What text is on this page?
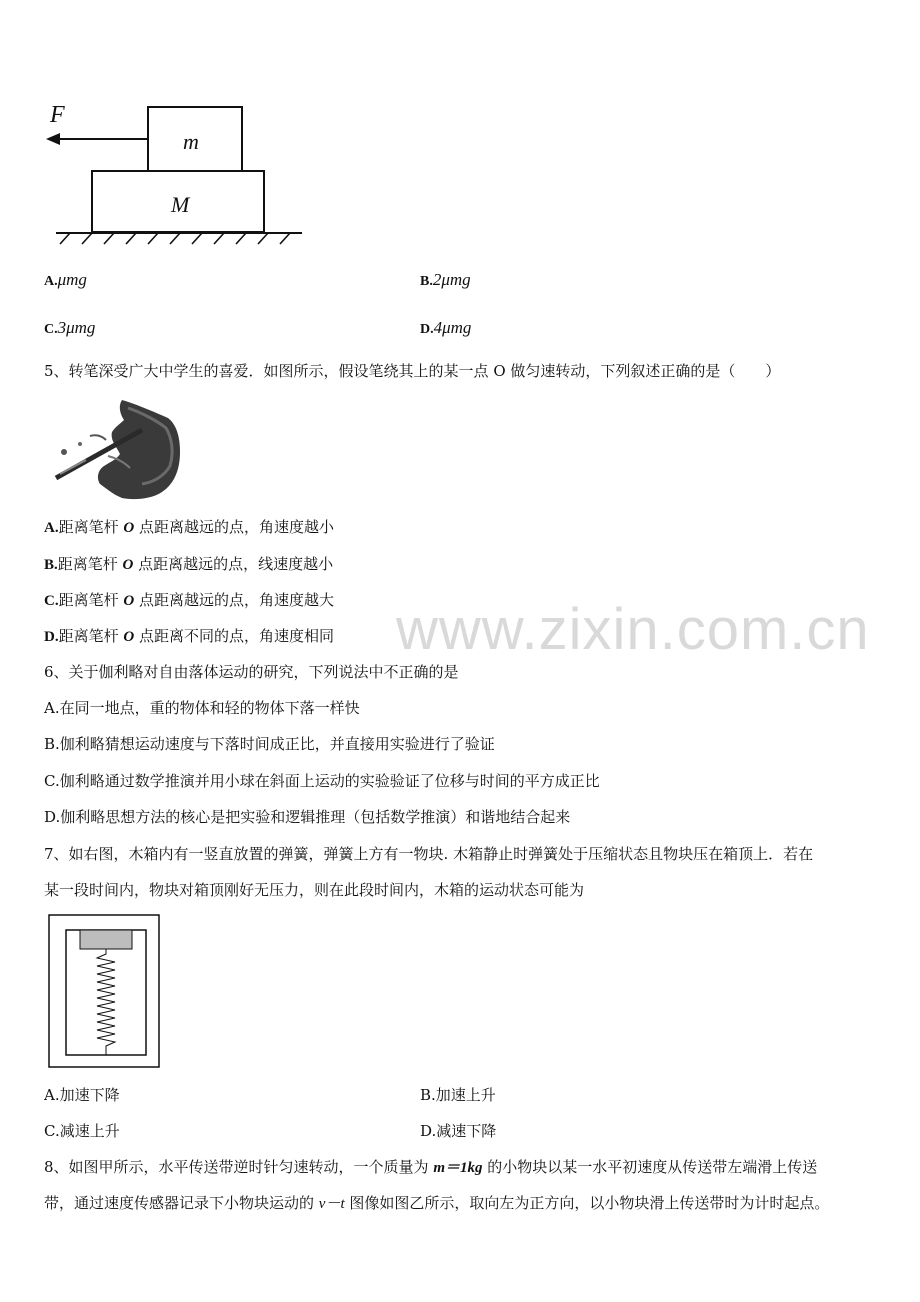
F
m
M
A.μmg	B.2μmg
C.3μmg	D.4μmg
5、转笔深受广大中学生的喜爱．如图所示，假设笔绕其上的某一点 O 做匀速转动，下列叙述正确的是（　　）
A.距离笔杆 O 点距离越远的点，角速度越小
B.距离笔杆 O 点距离越远的点，线速度越小
C.距离笔杆 O 点距离越远的点，角速度越大
D.距离笔杆 O 点距离不同的点，角速度相同 www.zixin.com.cn
6、关于伽利略对自由落体运动的研究，下列说法中不正确的是
A.在同一地点，重的物体和轻的物体下落一样快
B.伽利略猜想运动速度与下落时间成正比，并直接用实验进行了验证
C.伽利略通过数学推演并用小球在斜面上运动的实验验证了位移与时间的平方成正比
D.伽利略思想方法的核心是把实验和逻辑推理（包括数学推演）和谐地结合起来
7、如右图，木箱内有一竖直放置的弹簧，弹簧上方有一物块. 木箱静止时弹簧处于压缩状态且物块压在箱顶上．若在
某一段时间内，物块对箱顶刚好无压力，则在此段时间内，木箱的运动状态可能为
A.加速下降	B.加速上升
C.减速上升	D.减速下降
8、如图甲所示，水平传送带逆时针匀速转动，一个质量为 m＝1kg 的小物块以某一水平初速度从传送带左端滑上传送
带，通过速度传感器记录下小物块运动的 v－t 图像如图乙所示，取向左为正方向，以小物块滑上传送带时为计时起点。
